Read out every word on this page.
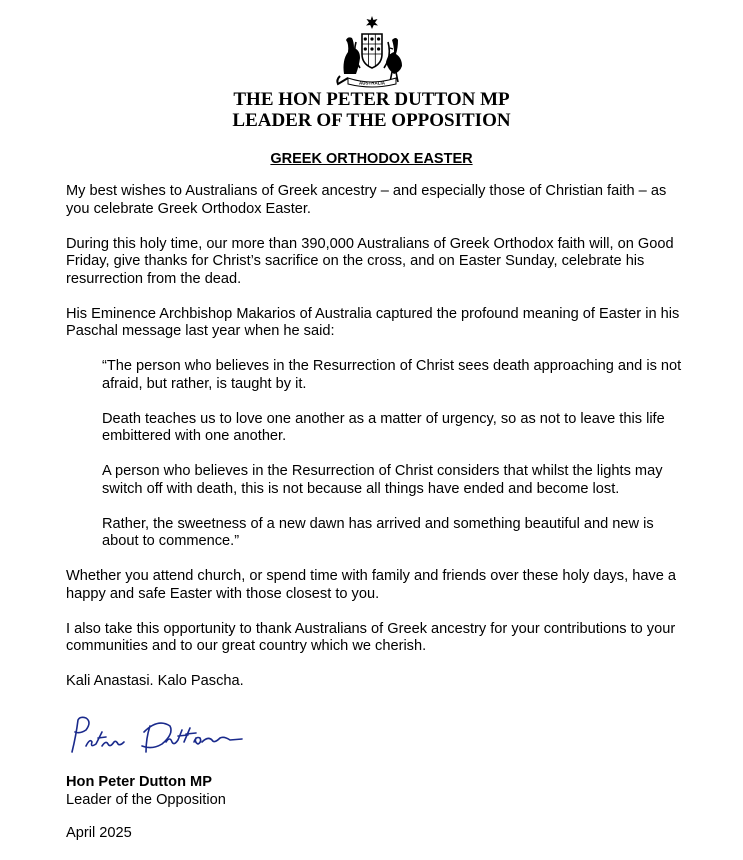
AUSTRALIA
THE HON PETER DUTTON MP
LEADER OF THE OPPOSITION
GREEK ORTHODOX EASTER

My best wishes to Australians of Greek ancestry – and especially those of Christian faith – as you celebrate Greek Orthodox Easter.

During this holy time, our more than 390,000 Australians of Greek Orthodox faith will, on Good Friday, give thanks for Christ’s sacrifice on the cross, and on Easter Sunday, celebrate his resurrection from the dead.

His Eminence Archbishop Makarios of Australia captured the profound meaning of Easter in his Paschal message last year when he said:

“The person who believes in the Resurrection of Christ sees death approaching and is not afraid, but rather, is taught by it.

Death teaches us to love one another as a matter of urgency, so as not to leave this life embittered with one another.

A person who believes in the Resurrection of Christ considers that whilst the lights may switch off with death, this is not because all things have ended and become lost.

Rather, the sweetness of a new dawn has arrived and something beautiful and new is about to commence.”

Whether you attend church, or spend time with family and friends over these holy days, have a happy and safe Easter with those closest to you.

I also take this opportunity to thank Australians of Greek ancestry for your contributions to your communities and to our great country which we cherish.

Kali Anastasi. Kalo Pascha.

Hon Peter Dutton MP
Leader of the Opposition
April 2025
